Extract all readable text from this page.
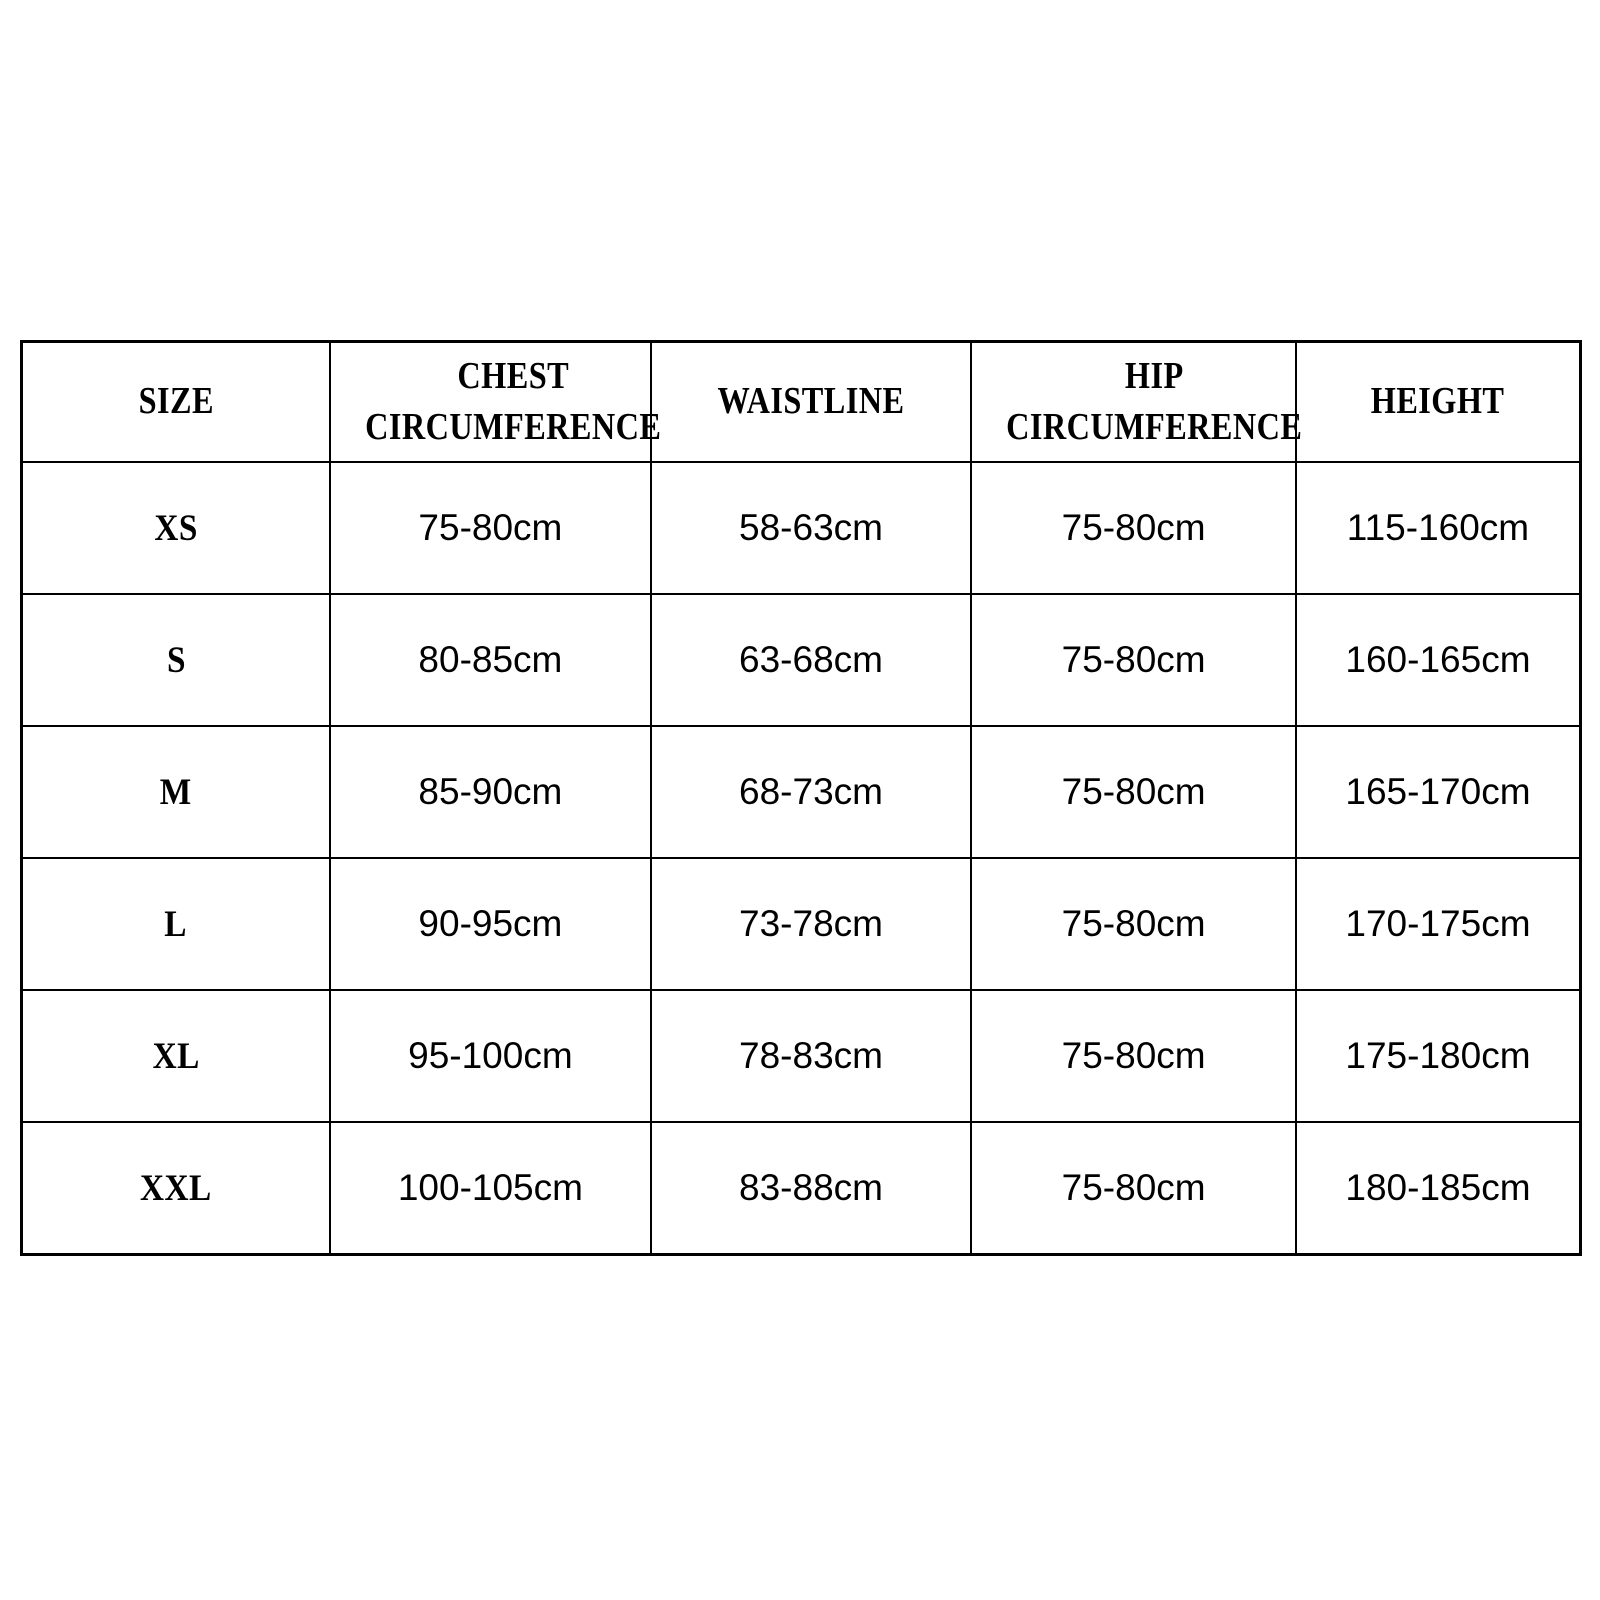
SIZE	CHEST CIRCUMFERENCE	WAISTLINE	HIP CIRCUMFERENCE	HEIGHT
XS	75-80cm	58-63cm	75-80cm	115-160cm
S	80-85cm	63-68cm	75-80cm	160-165cm
M	85-90cm	68-73cm	75-80cm	165-170cm
L	90-95cm	73-78cm	75-80cm	170-175cm
XL	95-100cm	78-83cm	75-80cm	175-180cm
XXL	100-105cm	83-88cm	75-80cm	180-185cm
